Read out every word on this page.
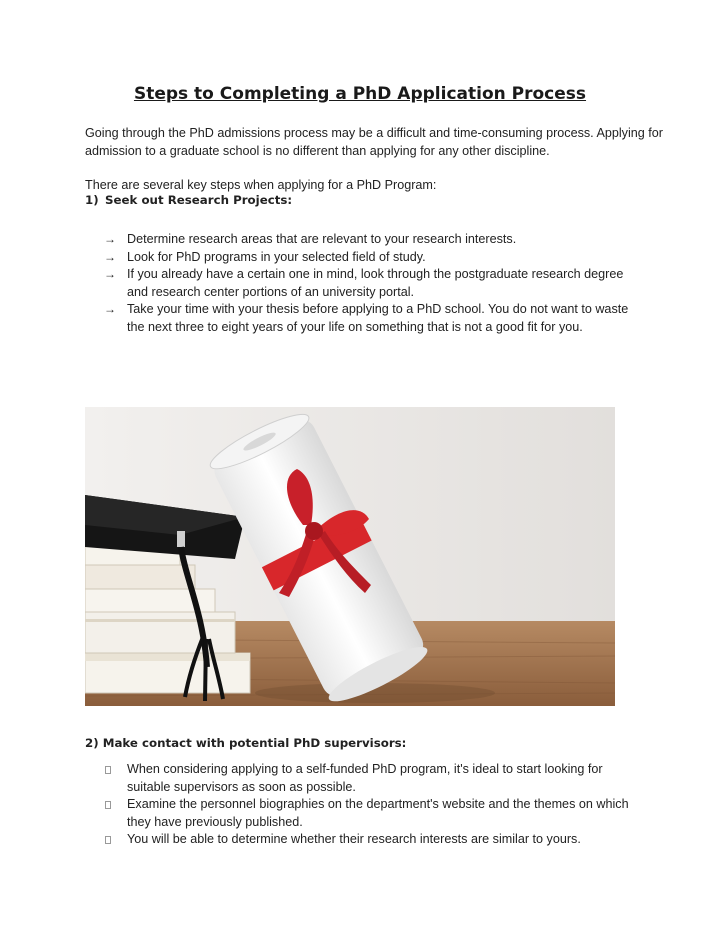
Steps to Completing a PhD Application Process

Going through the PhD admissions process may be a difficult and time-consuming process. Applying for admission to a graduate school is no different than applying for any other discipline.

There are several key steps when applying for a PhD Program:

1) Seek out Research Projects:

→ Determine research areas that are relevant to your research interests.
→ Look for PhD programs in your selected field of study.
→ If you already have a certain one in mind, look through the postgraduate research degree and research center portions of an university portal.
→ Take your time with your thesis before applying to a PhD school. You do not want to waste the next three to eight years of your life on something that is not a good fit for you.

2) Make contact with potential PhD supervisors:

When considering applying to a self-funded PhD program, it's ideal to start looking for suitable supervisors as soon as possible.
Examine the personnel biographies on the department's website and the themes on which they have previously published.
You will be able to determine whether their research interests are similar to yours.
